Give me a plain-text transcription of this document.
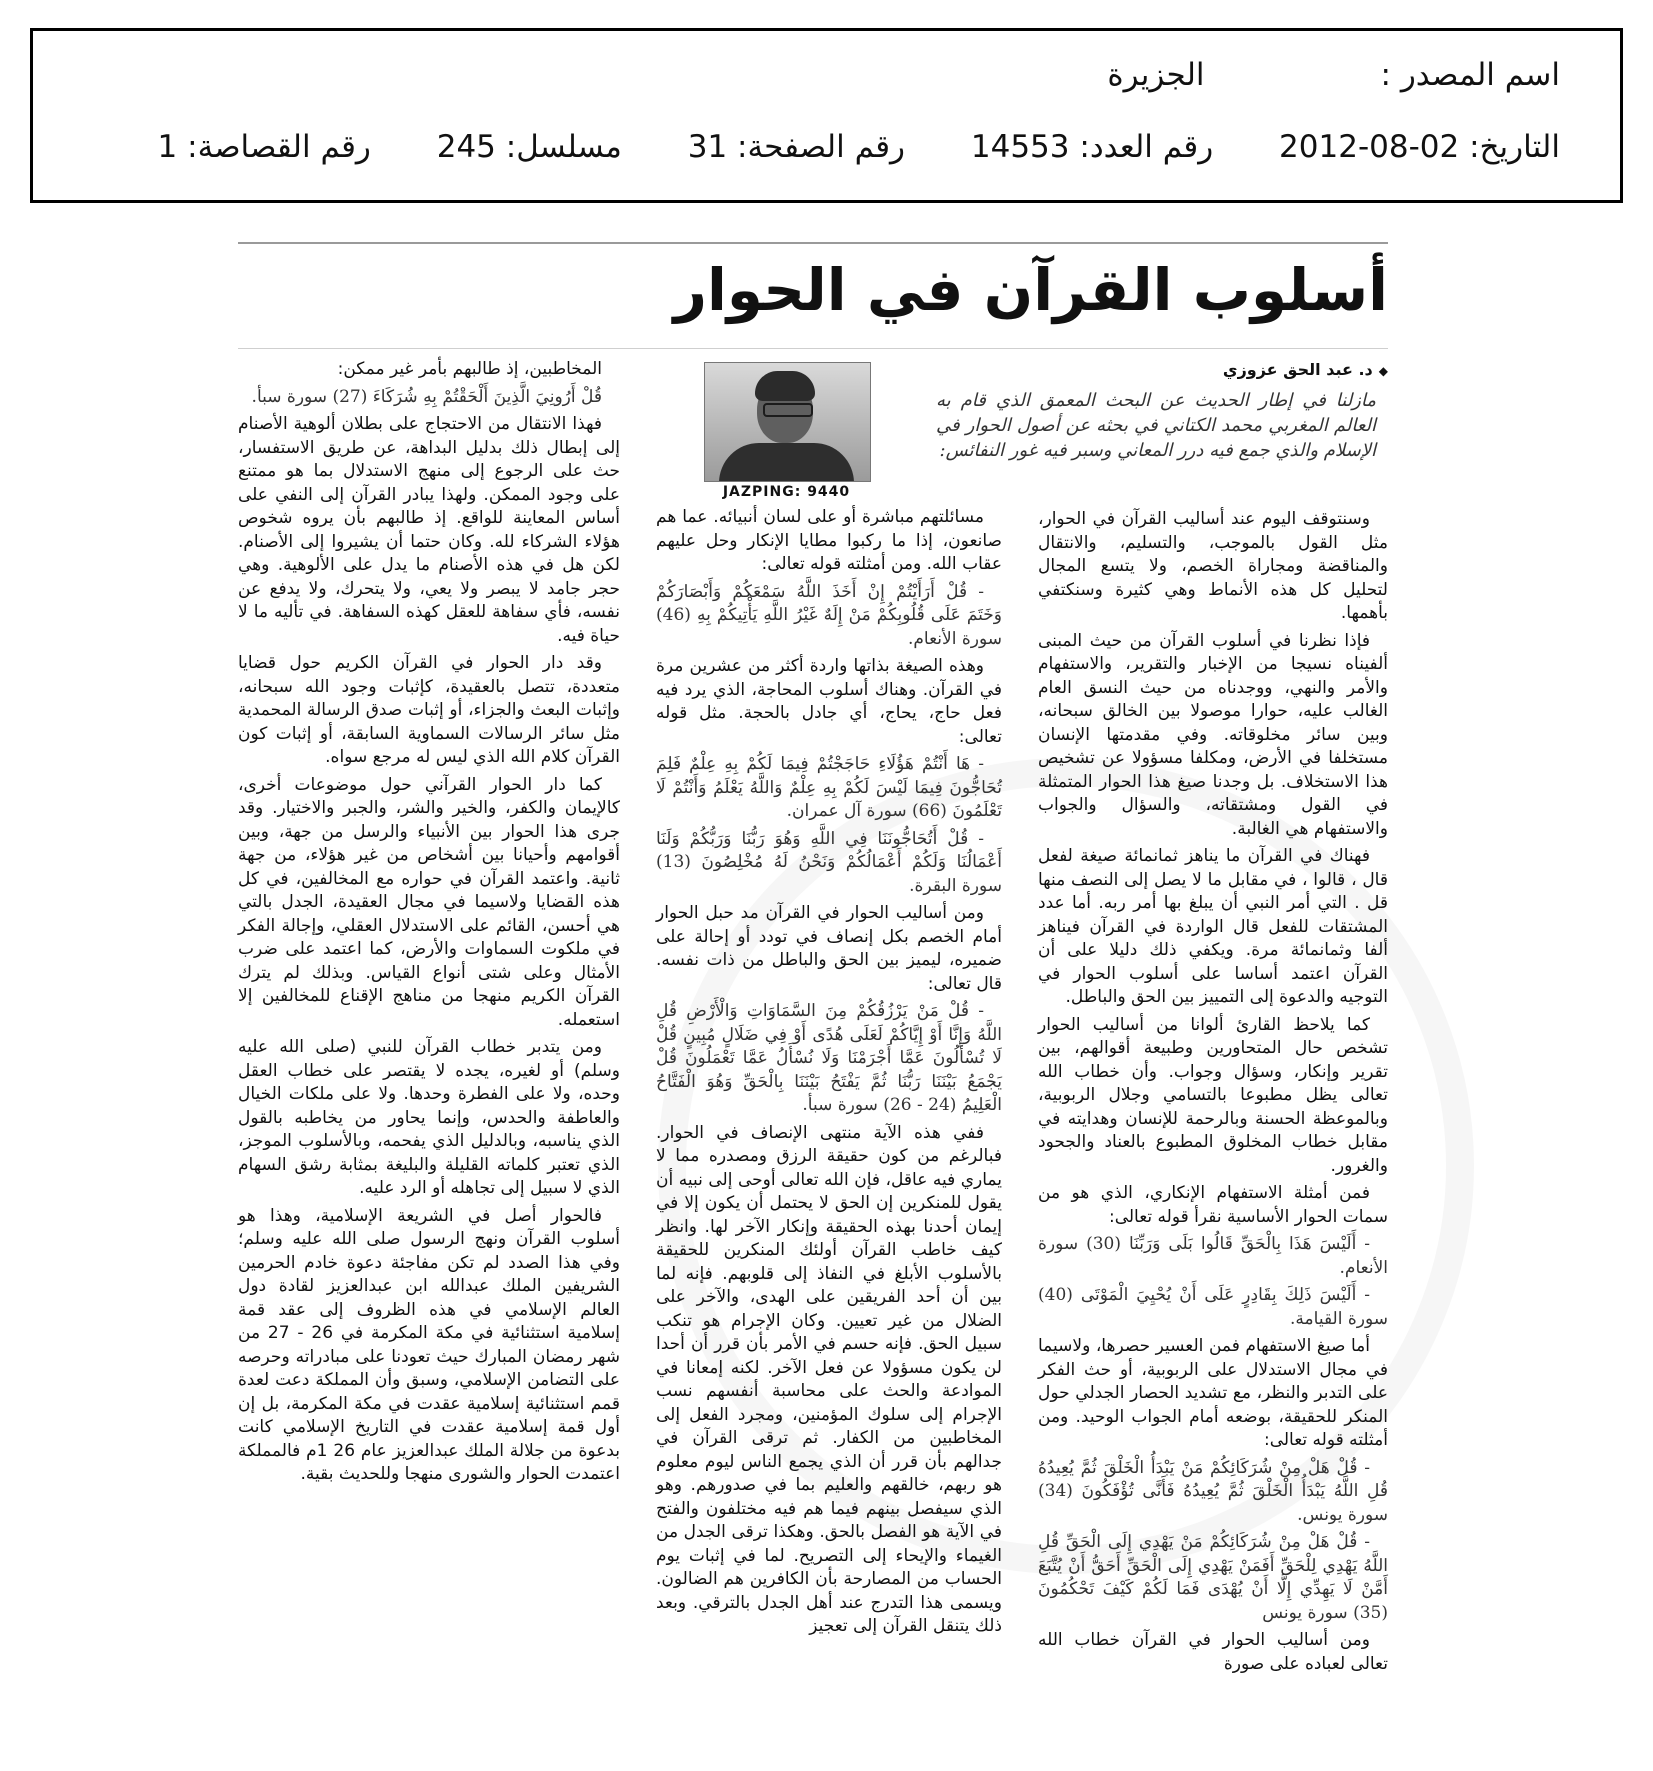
اسم المصدر :الجزيرة
التاريخ: 2012-08-02 رقم العدد: 14553 رقم الصفحة: 31 مسلسل: 245 رقم القصاصة: 1
أسلوب القرآن في الحوار
◆د. عبد الحق عزوزي
مازلنا في إطار الحديث عن البحث المعمق الذي قام به العالم المغربي محمد الكتاني في بحثه عن أصول الحوار في الإسلام والذي جمع فيه درر المعاني وسبر فيه غور النفائس:
JAZPING: 9440

وسنتوقف اليوم عند أساليب القرآن في الحوار، مثل القول بالموجب، والتسليم، والانتقال والمناقضة ومجاراة الخصم، ولا يتسع المجال لتحليل كل هذه الأنماط وهي كثيرة وسنكتفي بأهمها.

فإذا نظرنا في أسلوب القرآن من حيث المبنى ألفيناه نسيجا من الإخبار والتقرير، والاستفهام والأمر والنهي، ووجدناه من حيث النسق العام الغالب عليه، حوارا موصولا بين الخالق سبحانه، وبين سائر مخلوقاته. وفي مقدمتها الإنسان مستخلفا في الأرض، ومكلفا مسؤولا عن تشخيص هذا الاستخلاف. بل وجدنا صيغ هذا الحوار المتمثلة في القول ومشتقاته، والسؤال والجواب والاستفهام هي الغالبة.

فهناك في القرآن ما يناهز ثمانمائة صيغة لفعل قال ، قالوا ، في مقابل ما لا يصل إلى النصف منها قل . التي أمر النبي أن يبلغ بها أمر ربه. أما عدد المشتقات للفعل قال الواردة في القرآن فيناهز ألفا وثمانمائة مرة. ويكفي ذلك دليلا على أن القرآن اعتمد أساسا على أسلوب الحوار في التوجيه والدعوة إلى التمييز بين الحق والباطل.

كما يلاحظ القارئ ألوانا من أساليب الحوار تشخص حال المتحاورين وطبيعة أقوالهم، بين تقرير وإنكار، وسؤال وجواب. وأن خطاب الله تعالى يظل مطبوعا بالتسامي وجلال الربوبية، وبالموعظة الحسنة وبالرحمة للإنسان وهدايته في مقابل خطاب المخلوق المطبوع بالعناد والجحود والغرور.

فمن أمثلة الاستفهام الإنكاري، الذي هو من سمات الحوار الأساسية نقرأ قوله تعالى:

- أَلَيْسَ هَذَا بِالْحَقِّ قَالُوا بَلَى وَرَبِّنَا (30) سورة الأنعام.

- أَلَيْسَ ذَلِكَ بِقَادِرٍ عَلَى أَنْ يُحْيِيَ الْمَوْتَى (40) سورة القيامة.

أما صيغ الاستفهام فمن العسير حصرها، ولاسيما في مجال الاستدلال على الربوبية، أو حث الفكر على التدبر والنظر، مع تشديد الحصار الجدلي حول المنكر للحقيقة، بوضعه أمام الجواب الوحيد. ومن أمثلته قوله تعالى:

- قُلْ هَلْ مِنْ شُرَكَائِكُمْ مَنْ يَبْدَأُ الْخَلْقَ ثُمَّ يُعِيدُهُ قُلِ اللَّهُ يَبْدَأُ الْخَلْقَ ثُمَّ يُعِيدُهُ فَأَنَّى تُؤْفَكُونَ (34) سورة يونس.

- قُلْ هَلْ مِنْ شُرَكَائِكُمْ مَنْ يَهْدِي إِلَى الْحَقِّ قُلِ اللَّهُ يَهْدِي لِلْحَقِّ أَفَمَنْ يَهْدِي إِلَى الْحَقِّ أَحَقُّ أَنْ يُتَّبَعَ أَمَّنْ لَا يَهِدِّي إِلَّا أَنْ يُهْدَى فَمَا لَكُمْ كَيْفَ تَحْكُمُونَ (35) سورة يونس

ومن أساليب الحوار في القرآن خطاب الله تعالى لعباده على صورة

مسائلتهم مباشرة أو على لسان أنبيائه. عما هم صانعون، إذا ما ركبوا مطايا الإنكار وحل عليهم عقاب الله. ومن أمثلته قوله تعالى:

- قُلْ أَرَأَيْتُمْ إِنْ أَخَذَ اللَّهُ سَمْعَكُمْ وَأَبْصَارَكُمْ وَخَتَمَ عَلَى قُلُوبِكُمْ مَنْ إِلَهٌ غَيْرُ اللَّهِ يَأْتِيكُمْ بِهِ (46) سورة الأنعام.

وهذه الصيغة بذاتها واردة أكثر من عشرين مرة في القرآن. وهناك أسلوب المحاجة، الذي يرد فيه فعل حاج، يحاج، أي جادل بالحجة. مثل قوله تعالى:

- هَا أَنْتُمْ هَؤُلَاءِ حَاجَجْتُمْ فِيمَا لَكُمْ بِهِ عِلْمٌ فَلِمَ تُحَاجُّونَ فِيمَا لَيْسَ لَكُمْ بِهِ عِلْمٌ وَاللَّهُ يَعْلَمُ وَأَنْتُمْ لَا تَعْلَمُونَ (66) سورة آل عمران.

- قُلْ أَتُحَاجُّونَنَا فِي اللَّهِ وَهُوَ رَبُّنَا وَرَبُّكُمْ وَلَنَا أَعْمَالُنَا وَلَكُمْ أَعْمَالُكُمْ وَنَحْنُ لَهُ مُخْلِصُونَ (13) سورة البقرة.

ومن أساليب الحوار في القرآن مد حبل الحوار أمام الخصم بكل إنصاف في تودد أو إحالة على ضميره، ليميز بين الحق والباطل من ذات نفسه. قال تعالى:

- قُلْ مَنْ يَرْزُقُكُمْ مِنَ السَّمَاوَاتِ وَالْأَرْضِ قُلِ اللَّهُ وَإِنَّا أَوْ إِيَّاكُمْ لَعَلَى هُدًى أَوْ فِي ضَلَالٍ مُبِينٍ قُلْ لَا تُسْأَلُونَ عَمَّا أَجْرَمْنَا وَلَا نُسْأَلُ عَمَّا تَعْمَلُونَ قُلْ يَجْمَعُ بَيْنَنَا رَبُّنَا ثُمَّ يَفْتَحُ بَيْنَنَا بِالْحَقِّ وَهُوَ الْفَتَّاحُ الْعَلِيمُ (24 - 26) سورة سبأ.

ففي هذه الآية منتهى الإنصاف في الحوار. فبالرغم من كون حقيقة الرزق ومصدره مما لا يماري فيه عاقل، فإن الله تعالى أوحى إلى نبيه أن يقول للمنكرين إن الحق لا يحتمل أن يكون إلا في إيمان أحدنا بهذه الحقيقة وإنكار الآخر لها. وانظر كيف خاطب القرآن أولئك المنكرين للحقيقة بالأسلوب الأبلغ في النفاذ إلى قلوبهم. فإنه لما بين أن أحد الفريقين على الهدى، والآخر على الضلال من غير تعيين. وكان الإجرام هو تنكب سبيل الحق. فإنه حسم في الأمر بأن قرر أن أحدا لن يكون مسؤولا عن فعل الآخر. لكنه إمعانا في الموادعة والحث على محاسبة أنفسهم نسب الإجرام إلى سلوك المؤمنين، ومجرد الفعل إلى المخاطبين من الكفار. ثم ترقى القرآن في جدالهم بأن قرر أن الذي يجمع الناس ليوم معلوم هو ربهم، خالقهم والعليم بما في صدورهم. وهو الذي سيفصل بينهم فيما هم فيه مختلفون والفتح في الآية هو الفصل بالحق. وهكذا ترقى الجدل من الغيماء والإيحاء إلى التصريح. لما في إثبات يوم الحساب من المصارحة بأن الكافرين هم الضالون. ويسمى هذا التدرج عند أهل الجدل بالترقي. وبعد ذلك يتنقل القرآن إلى تعجيز

المخاطبين، إذ طالبهم بأمر غير ممكن:

قُلْ أَرُونِيَ الَّذِينَ أَلْحَقْتُمْ بِهِ شُرَكَاءَ (27) سورة سبأ.

فهذا الانتقال من الاحتجاج على بطلان ألوهية الأصنام إلى إبطال ذلك بدليل البداهة، عن طريق الاستفسار، حث على الرجوع إلى منهج الاستدلال بما هو ممتنع على وجود الممكن. ولهذا يبادر القرآن إلى النفي على أساس المعاينة للواقع. إذ طالبهم بأن يروه شخوص هؤلاء الشركاء لله. وكان حتما أن يشيروا إلى الأصنام. لكن هل في هذه الأصنام ما يدل على الألوهية. وهي حجر جامد لا يبصر ولا يعي، ولا يتحرك، ولا يدفع عن نفسه، فأي سفاهة للعقل كهذه السفاهة. في تأليه ما لا حياة فيه.

وقد دار الحوار في القرآن الكريم حول قضايا متعددة، تتصل بالعقيدة، كإثبات وجود الله سبحانه، وإثبات البعث والجزاء، أو إثبات صدق الرسالة المحمدية مثل سائر الرسالات السماوية السابقة، أو إثبات كون القرآن كلام الله الذي ليس له مرجع سواه.

كما دار الحوار القرآني حول موضوعات أخرى، كالإيمان والكفر، والخير والشر، والجبر والاختيار. وقد جرى هذا الحوار بين الأنبياء والرسل من جهة، وبين أقوامهم وأحيانا بين أشخاص من غير هؤلاء، من جهة ثانية. واعتمد القرآن في حواره مع المخالفين، في كل هذه القضايا ولاسيما في مجال العقيدة، الجدل بالتي هي أحسن، القائم على الاستدلال العقلي، وإجالة الفكر في ملكوت السماوات والأرض، كما اعتمد على ضرب الأمثال وعلى شتى أنواع القياس. وبذلك لم يترك القرآن الكريم منهجا من مناهج الإقناع للمخالفين إلا استعمله.

ومن يتدبر خطاب القرآن للنبي (صلى الله عليه وسلم) أو لغيره، يجده لا يقتصر على خطاب العقل وحده، ولا على الفطرة وحدها. ولا على ملكات الخيال والعاطفة والحدس، وإنما يحاور من يخاطبه بالقول الذي يناسبه، وبالدليل الذي يفحمه، وبالأسلوب الموجز، الذي تعتبر كلماته القليلة والبليغة بمثابة رشق السهام الذي لا سبيل إلى تجاهله أو الرد عليه.

فالحوار أصل في الشريعة الإسلامية، وهذا هو أسلوب القرآن ونهج الرسول صلى الله عليه وسلم؛ وفي هذا الصدد لم تكن مفاجئة دعوة خادم الحرمين الشريفين الملك عبدالله ابن عبدالعزيز لقادة دول العالم الإسلامي في هذه الظروف إلى عقد قمة إسلامية استثنائية في مكة المكرمة في 26 - 27 من شهر رمضان المبارك حيث تعودنا على مبادراته وحرصه على التضامن الإسلامي، وسبق وأن المملكة دعت لعدة قمم استثنائية إسلامية عقدت في مكة المكرمة، بل إن أول قمة إسلامية عقدت في التاريخ الإسلامي كانت بدعوة من جلالة الملك عبدالعزيز عام 26 1م فالمملكة اعتمدت الحوار والشورى منهجا وللحديث بقية.
